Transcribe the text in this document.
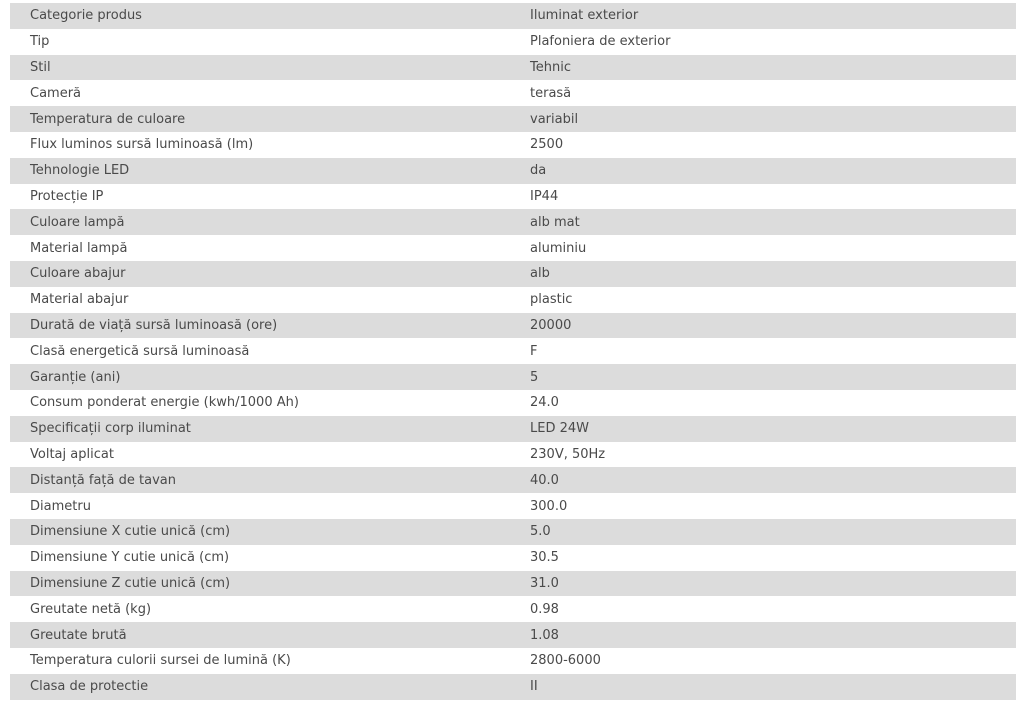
Categorie produs	Iluminat exterior
Tip	Plafoniera de exterior
Stil	Tehnic
Cameră	terasă
Temperatura de culoare	variabil
Flux luminos sursă luminoasă (lm)	2500
Tehnologie LED	da
Protecție IP	IP44
Culoare lampă	alb mat
Material lampă	aluminiu
Culoare abajur	alb
Material abajur	plastic
Durată de viață sursă luminoasă (ore)	20000
Clasă energetică sursă luminoasă	F
Garanție (ani)	5
Consum ponderat energie (kwh/1000 Ah)	24.0
Specificații corp iluminat	LED 24W
Voltaj aplicat	230V, 50Hz
Distanță față de tavan	40.0
Diametru	300.0
Dimensiune X cutie unică (cm)	5.0
Dimensiune Y cutie unică (cm)	30.5
Dimensiune Z cutie unică (cm)	31.0
Greutate netă (kg)	0.98
Greutate brută	1.08
Temperatura culorii sursei de lumină (K)	2800-6000
Clasa de protectie	II
